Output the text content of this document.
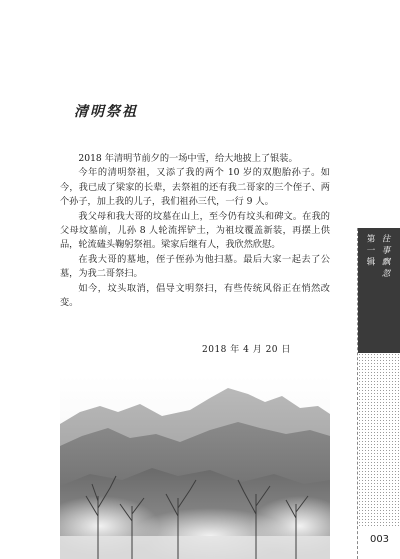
清明祭祖

2018 年清明节前夕的一场中雪，给大地披上了银装。

今年的清明祭祖，又添了我的两个 10 岁的双胞胎孙子。如今，我已成了梁家的长辈，去祭祖的还有我二哥家的三个侄子、两个孙子，加上我的儿子，我们祖孙三代，一行 9 人。

我父母和我大哥的坟墓在山上，至今仍有坟头和碑文。在我的父母坟墓前，儿孙 8 人轮流挥铲土，为祖坟覆盖新装，再摆上供品，轮流磕头鞠躬祭祖。梁家后继有人，我欣然欣慰。

在我大哥的墓地，侄子侄孙为他扫墓。最后大家一起去了公墓，为我二哥祭扫。

如今，坟头取消，倡导文明祭扫，有些传统风俗正在悄然改变。

2018 年 4 月 20 日
第一辑 往事飘忽
003
